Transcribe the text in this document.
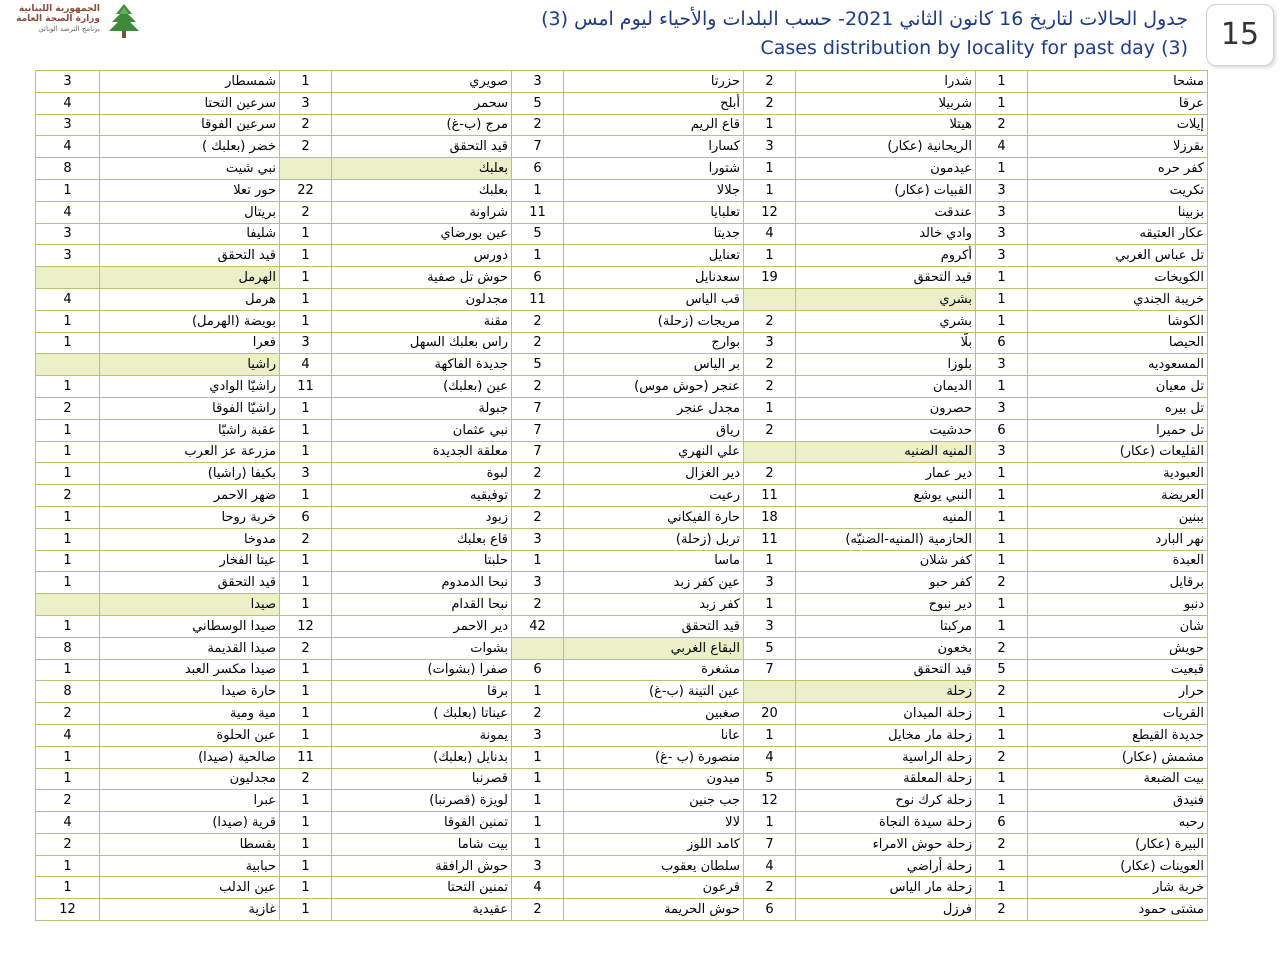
الجمهورية اللبنانية
وزارة الصحة العامة
برنامج الترصد الوبائي	جدول الحالات لتاريخ 16 كانون الثاني 2021- حسب البلدات والأحياء ليوم امس (3)
Cases distribution by locality for past day (3)	15
مشحا	1	شدرا	2	حزرتا	3	صويري	1	شمسطار	3
عرقا	1	شربيلا	2	أبلح	5	سحمر	3	سرعين التحتا	4
إيلات	2	هيتلا	1	قاع الريم	2	مرج (ب-غ)	2	سرعين الفوقا	3
بقرزلا	4	الريحانية (عكار)	3	كسارا	7	قيد التحقق	2	خضر (بعلبك )	4
كفر حره	1	عيدمون	1	شتورا	6	بعلبك		نبي شيت	8
تكريت	3	القبيات (عكار)	1	جلالا	1	بعلبك	22	حور تعلا	1
بزبينا	3	عندقت	12	تعلبايا	11	شراونة	2	بريتال	4
عكار العتيقه	3	وادي خالد	4	جديتا	5	عين بورضاي	1	شليفا	3
تل عباس الغربي	3	أكروم	1	تعنايل	1	دورس	1	قيد التحقق	3
الكويخات	1	قيد التحقق	19	سعدنايل	6	حوش تل صفية	1	الهرمل	
خريبة الجندي	1	بشري		قب الياس	11	مجدلون	1	هرمل	4
الكوشا	1	بشري	2	مريجات (زحلة)	2	مقنة	1	بويضة (الهرمل)	1
الحيصا	6	بلّا	3	بوارج	2	راس بعلبك السهل	3	فعرا	1
المسعوديه	3	بلوزا	2	بر الياس	5	جديدة الفاكهة	4	راشيا	
تل معيان	1	الديمان	2	عنجر (حوش موس)	2	عين (بعلبك)	11	راشيّا الوادي	1
تل بيره	3	حصرون	1	مجدل عنجر	7	جبولة	1	راشيّا الفوقا	2
تل حميرا	6	حدشيت	2	رياق	7	نبي عثمان	1	عقبة راشيّا	1
القليعات (عكار)	3	المنيه الضنيه		علي النهري	7	معلقة الجديدة	1	مزرعة عز العرب	1
العبودية	1	دير عمار	2	دير الغزال	2	لبوة	3	بكيفا (راشيا)	1
العريضة	1	النبي يوشع	11	رعيت	2	توفيقيه	1	ضهر الاحمر	2
ببنين	1	المنيه	18	حارة الفيكاني	2	زبود	6	خربة روحا	1
نهر البارد	1	الحازمية (المنيه-الضنيّه)	11	تربل (زحلة)	3	قاع بعلبك	2	مدوخا	1
العبدة	1	كفر شلان	1	ماسا	1	حلبتا	1	عيتا الفخار	1
برقايل	2	كفر حبو	3	عين كفر زبد	3	نبحا الدمدوم	1	قيد التحقق	1
دنبو	1	دير نبوح	1	كفر زبد	2	نبحا القدام	1	صيدا	
شان	1	مركبتا	3	قيد التحقق	42	دير الاحمر	12	صيدا الوسطاني	1
حويش	2	بخعون	5	البقاع الغربي		بشوات	2	صيدا القديمة	8
قبعيت	5	قيد التحقق	7	مشغرة	6	صفرا (بشوات)	1	صيدا مكسر العبد	1
حرار	2	زحلة		عين التينة (ب-غ)	1	برقا	1	حارة صيدا	8
القريات	1	زحلة الميدان	20	صغبين	2	عيناتا (بعلبك )	1	مية ومية	2
جديدة القيطع	1	زحلة مار مخايل	1	عانا	3	يمونة	1	عين الحلوة	4
مشمش (عكار)	2	زحلة الراسية	4	منصورة (ب -غ)	1	بدنايل (بعلبك)	11	صالحية (صيدا)	1
بيت الضبعة	1	زحلة المعلقة	5	ميدون	1	قصرنبا	2	مجدليون	1
فنيدق	1	زحلة كرك نوح	12	جب جنين	1	لويزة (قصرنبا)	1	عبرا	2
رحبه	6	زحلة سيدة النجاة	1	لالا	1	تمنين الفوقا	1	قرية (صيدا)	4
البيرة (عكار)	2	زحلة حوش الامراء	7	كامد اللوز	1	بيت شاما	1	بقسطا	2
العوينات (عكار)	1	زحلة أراضي	4	سلطان يعقوب	3	حوش الرافقة	1	حبابية	1
خربة شار	1	زحلة مار الياس	2	قرعون	4	تمنين التحتا	1	عين الدلب	1
مشتى حمود	2	فرزل	6	حوش الحريمة	2	عقيدية	1	غازية	12
